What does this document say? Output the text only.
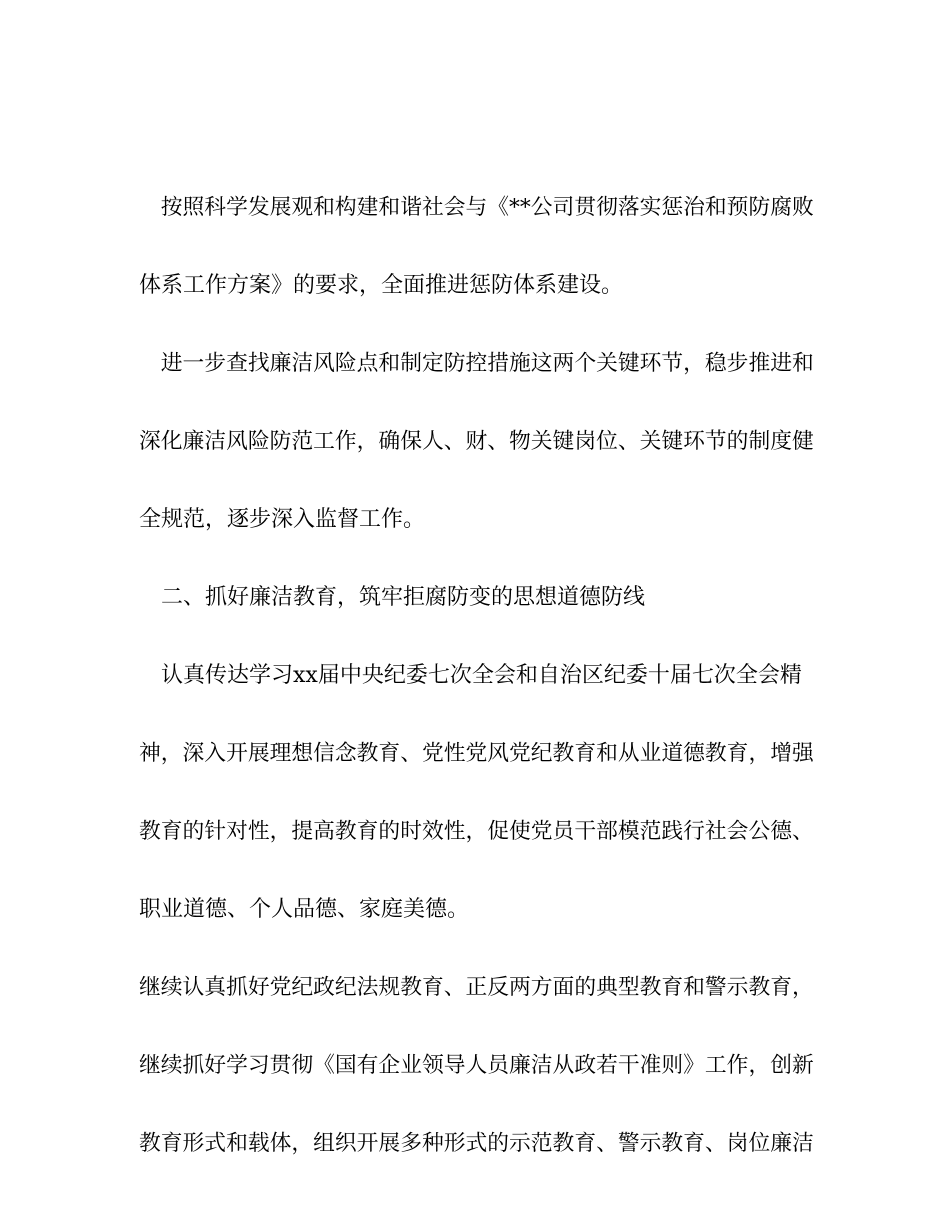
　按照科学发展观和构建和谐社会与《**公司贯彻落实惩治和预防腐败
体系工作方案》的要求，全面推进惩防体系建设。
　进一步查找廉洁风险点和制定防控措施这两个关键环节，稳步推进和
深化廉洁风险防范工作，确保人、财、物关键岗位、关键环节的制度健
全规范，逐步深入监督工作。
　二、抓好廉洁教育，筑牢拒腐防变的思想道德防线
　认真传达学习xx届中央纪委七次全会和自治区纪委十届七次全会精
神，深入开展理想信念教育、党性党风党纪教育和从业道德教育，增强
教育的针对性，提高教育的时效性，促使党员干部模范践行社会公德、
职业道德、个人品德、家庭美德。
继续认真抓好党纪政纪法规教育、正反两方面的典型教育和警示教育，
继续抓好学习贯彻《国有企业领导人员廉洁从政若干准则》工作，创新
教育形式和载体，组织开展多种形式的示范教育、警示教育、岗位廉洁
